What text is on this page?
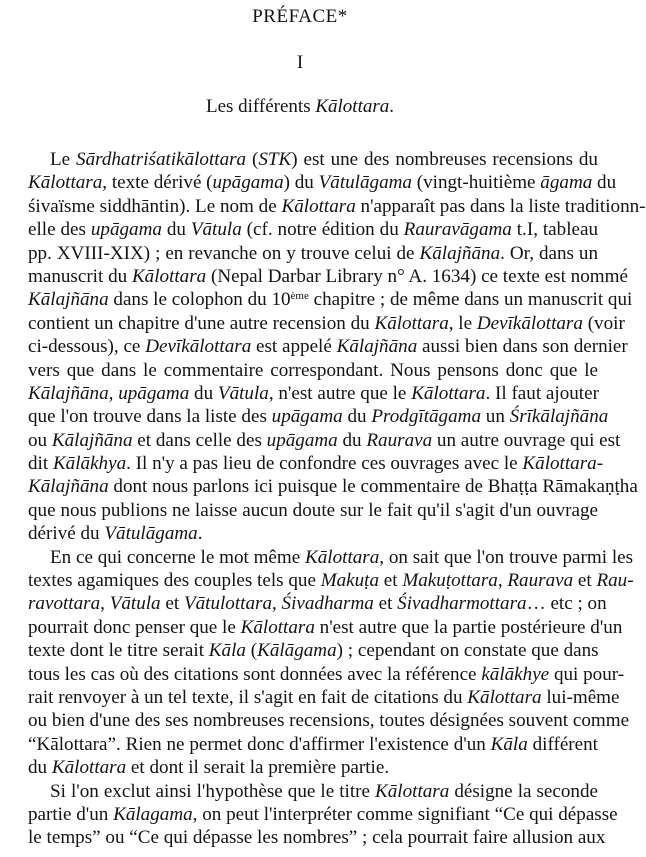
PRÉFACE*
I
Les différents Kālottara.
Le Sārdhatriśatikālottara (STK) est une des nombreuses recensions du
Kālottara, texte dérivé (upāgama) du Vātulāgama (vingt-huitième āgama du
śivaïsme siddhāntin). Le nom de Kālottara n'apparaît pas dans la liste traditionn-
elle des upāgama du Vātula (cf. notre édition du Rauravāgama t.I, tableau
pp. XVIII-XIX) ; en revanche on y trouve celui de Kālajñāna. Or, dans un
manuscrit du Kālottara (Nepal Darbar Library n° A. 1634) ce texte est nommé
Kālajñāna dans le colophon du 10ème chapitre ; de même dans un manuscrit qui
contient un chapitre d'une autre recension du Kālottara, le Devīkālottara (voir
ci-dessous), ce Devīkālottara est appelé Kālajñāna aussi bien dans son dernier
vers que dans le commentaire correspondant. Nous pensons donc que le
Kālajñāna, upāgama du Vātula, n'est autre que le Kālottara. Il faut ajouter
que l'on trouve dans la liste des upāgama du Prodgītāgama un Śrīkālajñāna
ou Kālajñāna et dans celle des upāgama du Raurava un autre ouvrage qui est
dit Kālākhya. Il n'y a pas lieu de confondre ces ouvrages avec le Kālottara-
Kālajñāna dont nous parlons ici puisque le commentaire de Bhaṭṭa Rāmakaṇṭha
que nous publions ne laisse aucun doute sur le fait qu'il s'agit d'un ouvrage
dérivé du Vātulāgama.
En ce qui concerne le mot même Kālottara, on sait que l'on trouve parmi les
textes agamiques des couples tels que Makuṭa et Makuṭottara, Raurava et Rau-
ravottara, Vātula et Vātulottara, Śivadharma et Śivadharmottara… etc ; on
pourrait donc penser que le Kālottara n'est autre que la partie postérieure d'un
texte dont le titre serait Kāla (Kālāgama) ; cependant on constate que dans
tous les cas où des citations sont données avec la référence kālākhye qui pour-
rait renvoyer à un tel texte, il s'agit en fait de citations du Kālottara lui-même
ou bien d'une des ses nombreuses recensions, toutes désignées souvent comme
“Kālottara”. Rien ne permet donc d'affirmer l'existence d'un Kāla différent
du Kālottara et dont il serait la première partie.
Si l'on exclut ainsi l'hypothèse que le titre Kālottara désigne la seconde
partie d'un Kālagama, on peut l'interpréter comme signifiant “Ce qui dépasse
le temps” ou “Ce qui dépasse les nombres” ; cela pourrait faire allusion aux
